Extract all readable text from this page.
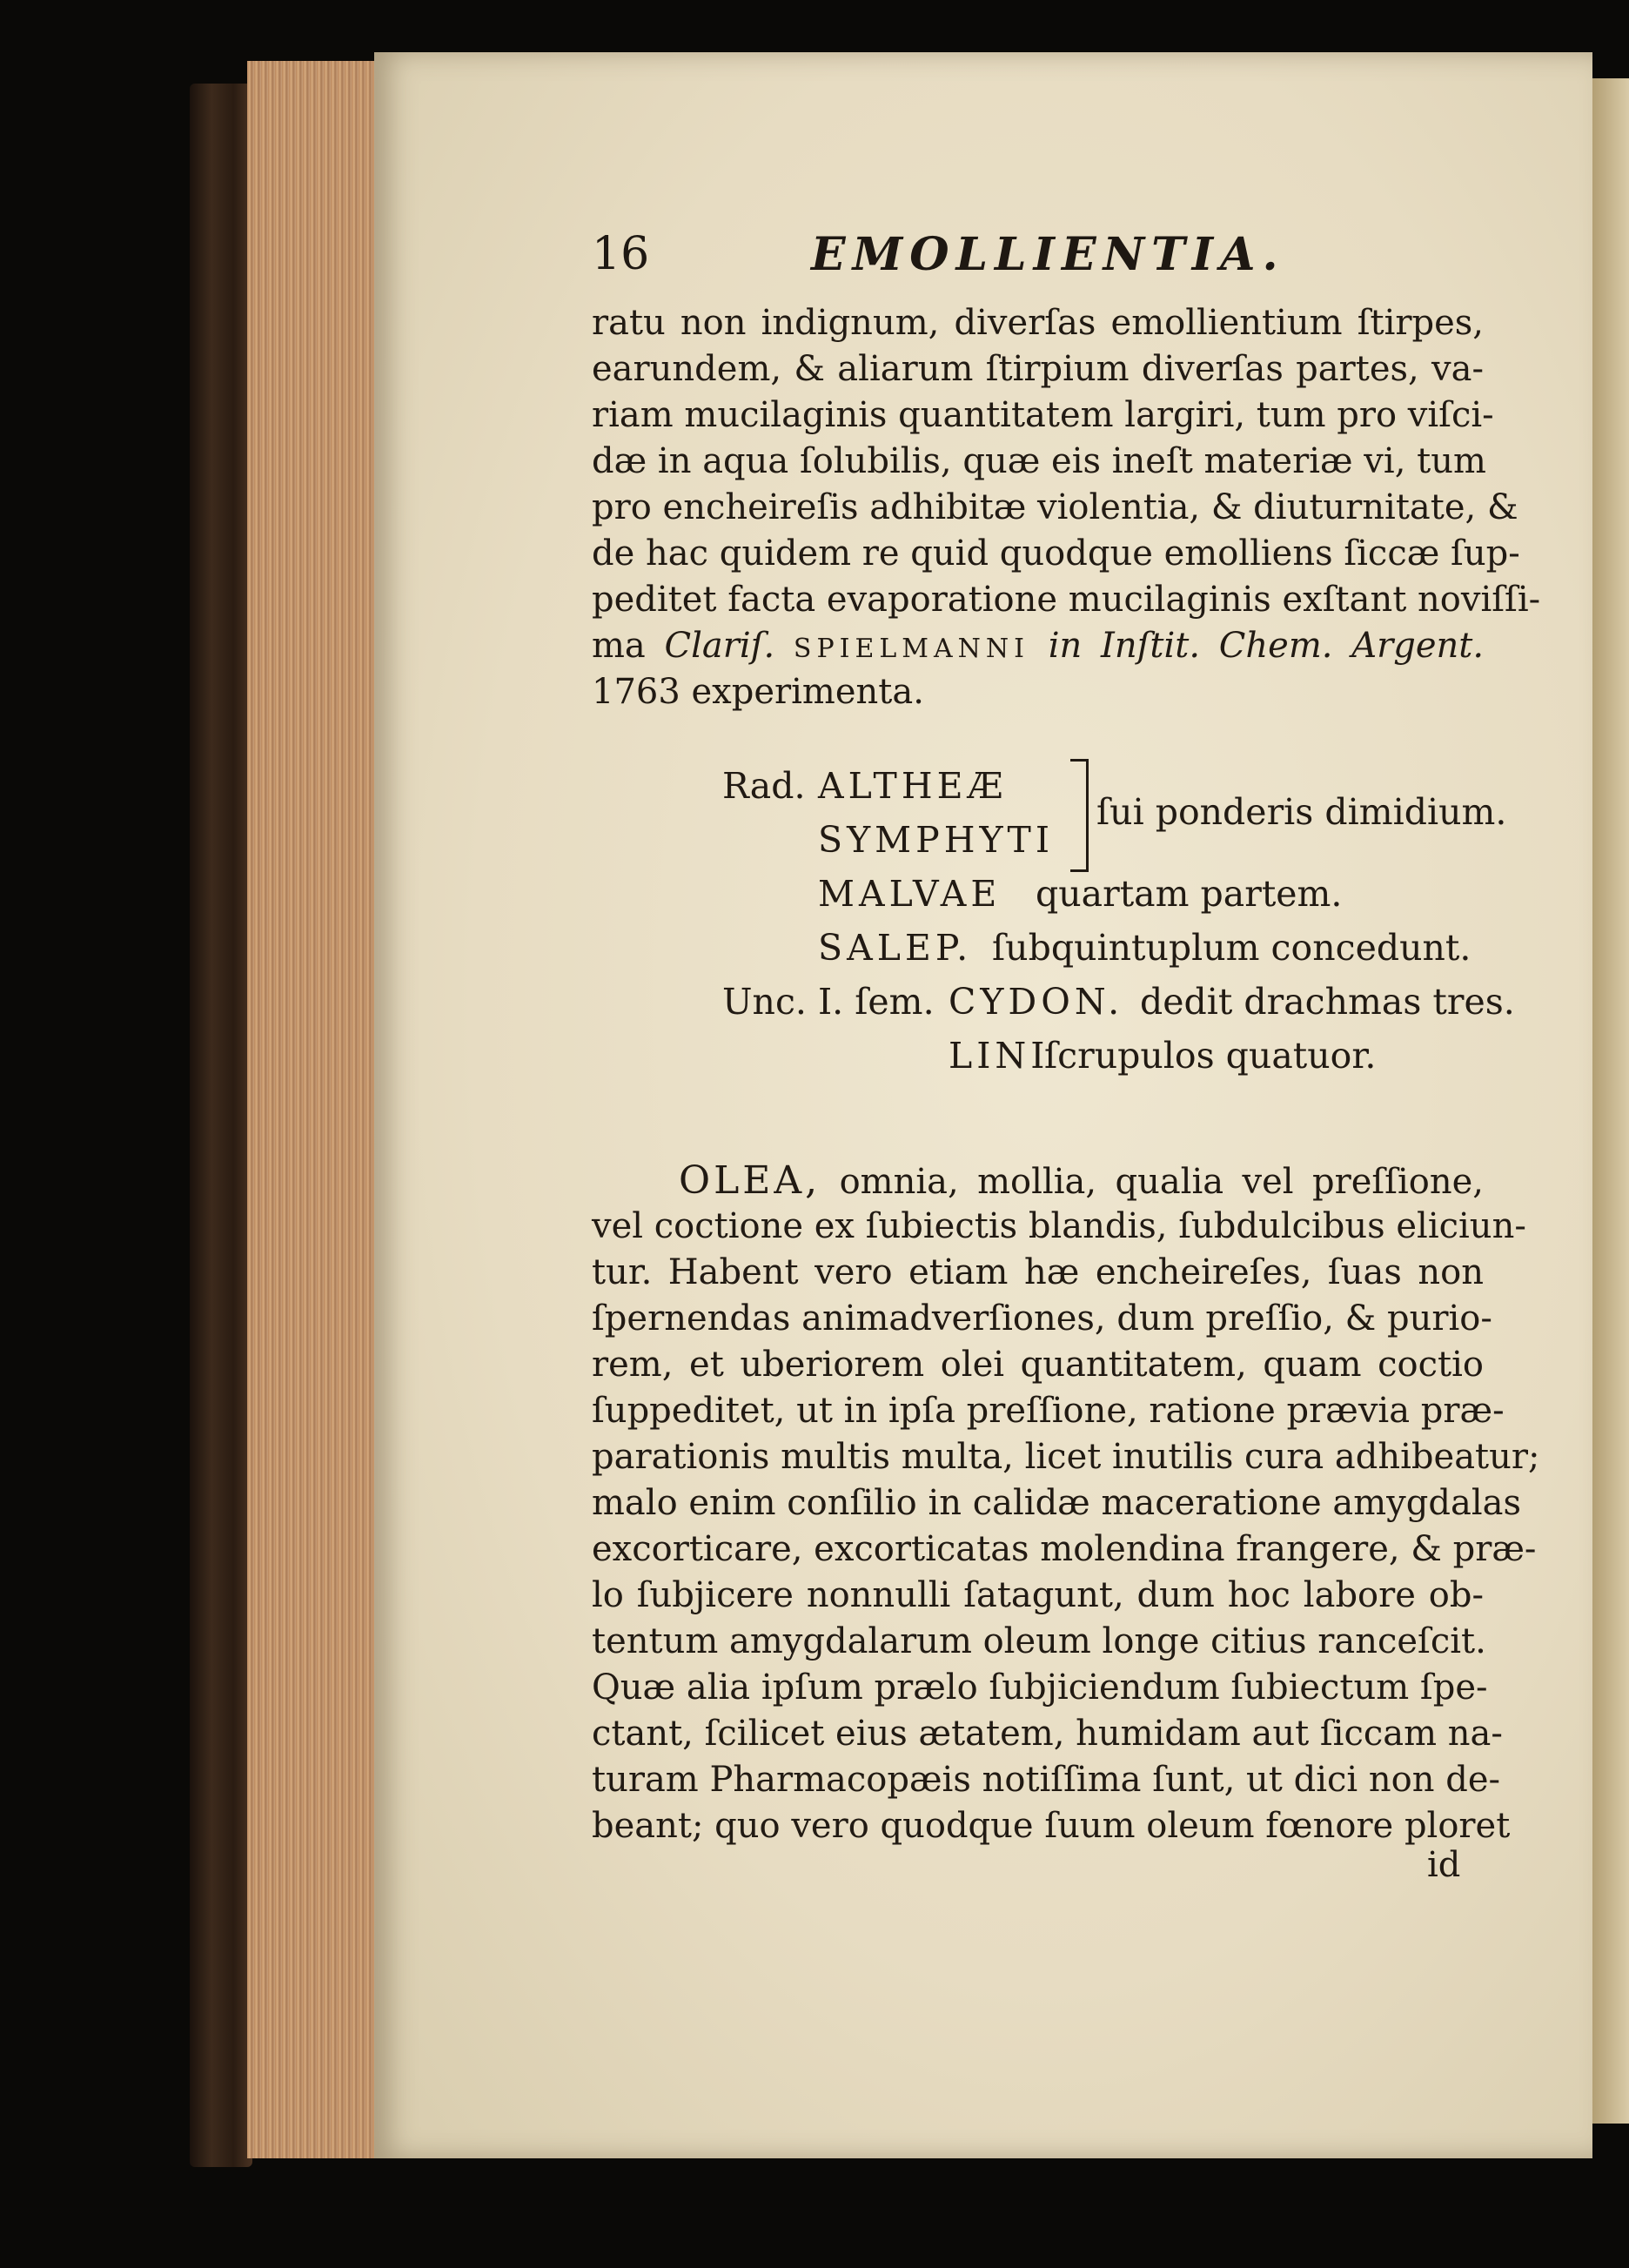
16	EMOLLIENTIA.
ratu non indignum, diverſas emollientium ſtirpes,
earundem, & aliarum ſtirpium diverſas partes, va-
riam mucilaginis quantitatem largiri, tum pro viſci-
dæ in aqua ſolubilis, quæ eis ineſt materiæ vi, tum
pro encheireſis adhibitæ violentia, & diuturnitate, &
de hac quidem re quid quodque emolliens ſiccæ ſup-
peditet facta evaporatione mucilaginis exſtant noviſſi-
ma Clariſ. SPIELMANNI in Inſtit. Chem. Argent.
1763 experimenta.
Rad. ALTHEÆ
ſui ponderis dimidium.
SYMPHYTI
MALVAE quartam partem.
SALEP. ſubquintuplum concedunt.
Unc. I. ſem. CYDON. dedit drachmas tres.
LINI
ſcrupulos quatuor.
OLEA, omnia, mollia, qualia vel preſſione,
vel coctione ex ſubiectis blandis, ſubdulcibus eliciun-
tur. Habent vero etiam hæ encheireſes, ſuas non
ſpernendas animadverſiones, dum preſſio, & purio-
rem, et uberiorem olei quantitatem, quam coctio
ſuppeditet, ut in ipſa preſſione, ratione prævia præ-
parationis multis multa, licet inutilis cura adhibeatur;
malo enim conſilio in calidæ maceratione amygdalas
excorticare, excorticatas molendina frangere, & præ-
lo ſubjicere nonnulli ſatagunt, dum hoc labore ob-
tentum amygdalarum oleum longe citius ranceſcit.
Quæ alia ipſum prælo ſubjiciendum ſubiectum ſpe-
ctant, ſcilicet eius ætatem, humidam aut ſiccam na-
turam Pharmacopæis notiſſima ſunt, ut dici non de-
beant; quo vero quodque ſuum oleum fœnore ploret
id
